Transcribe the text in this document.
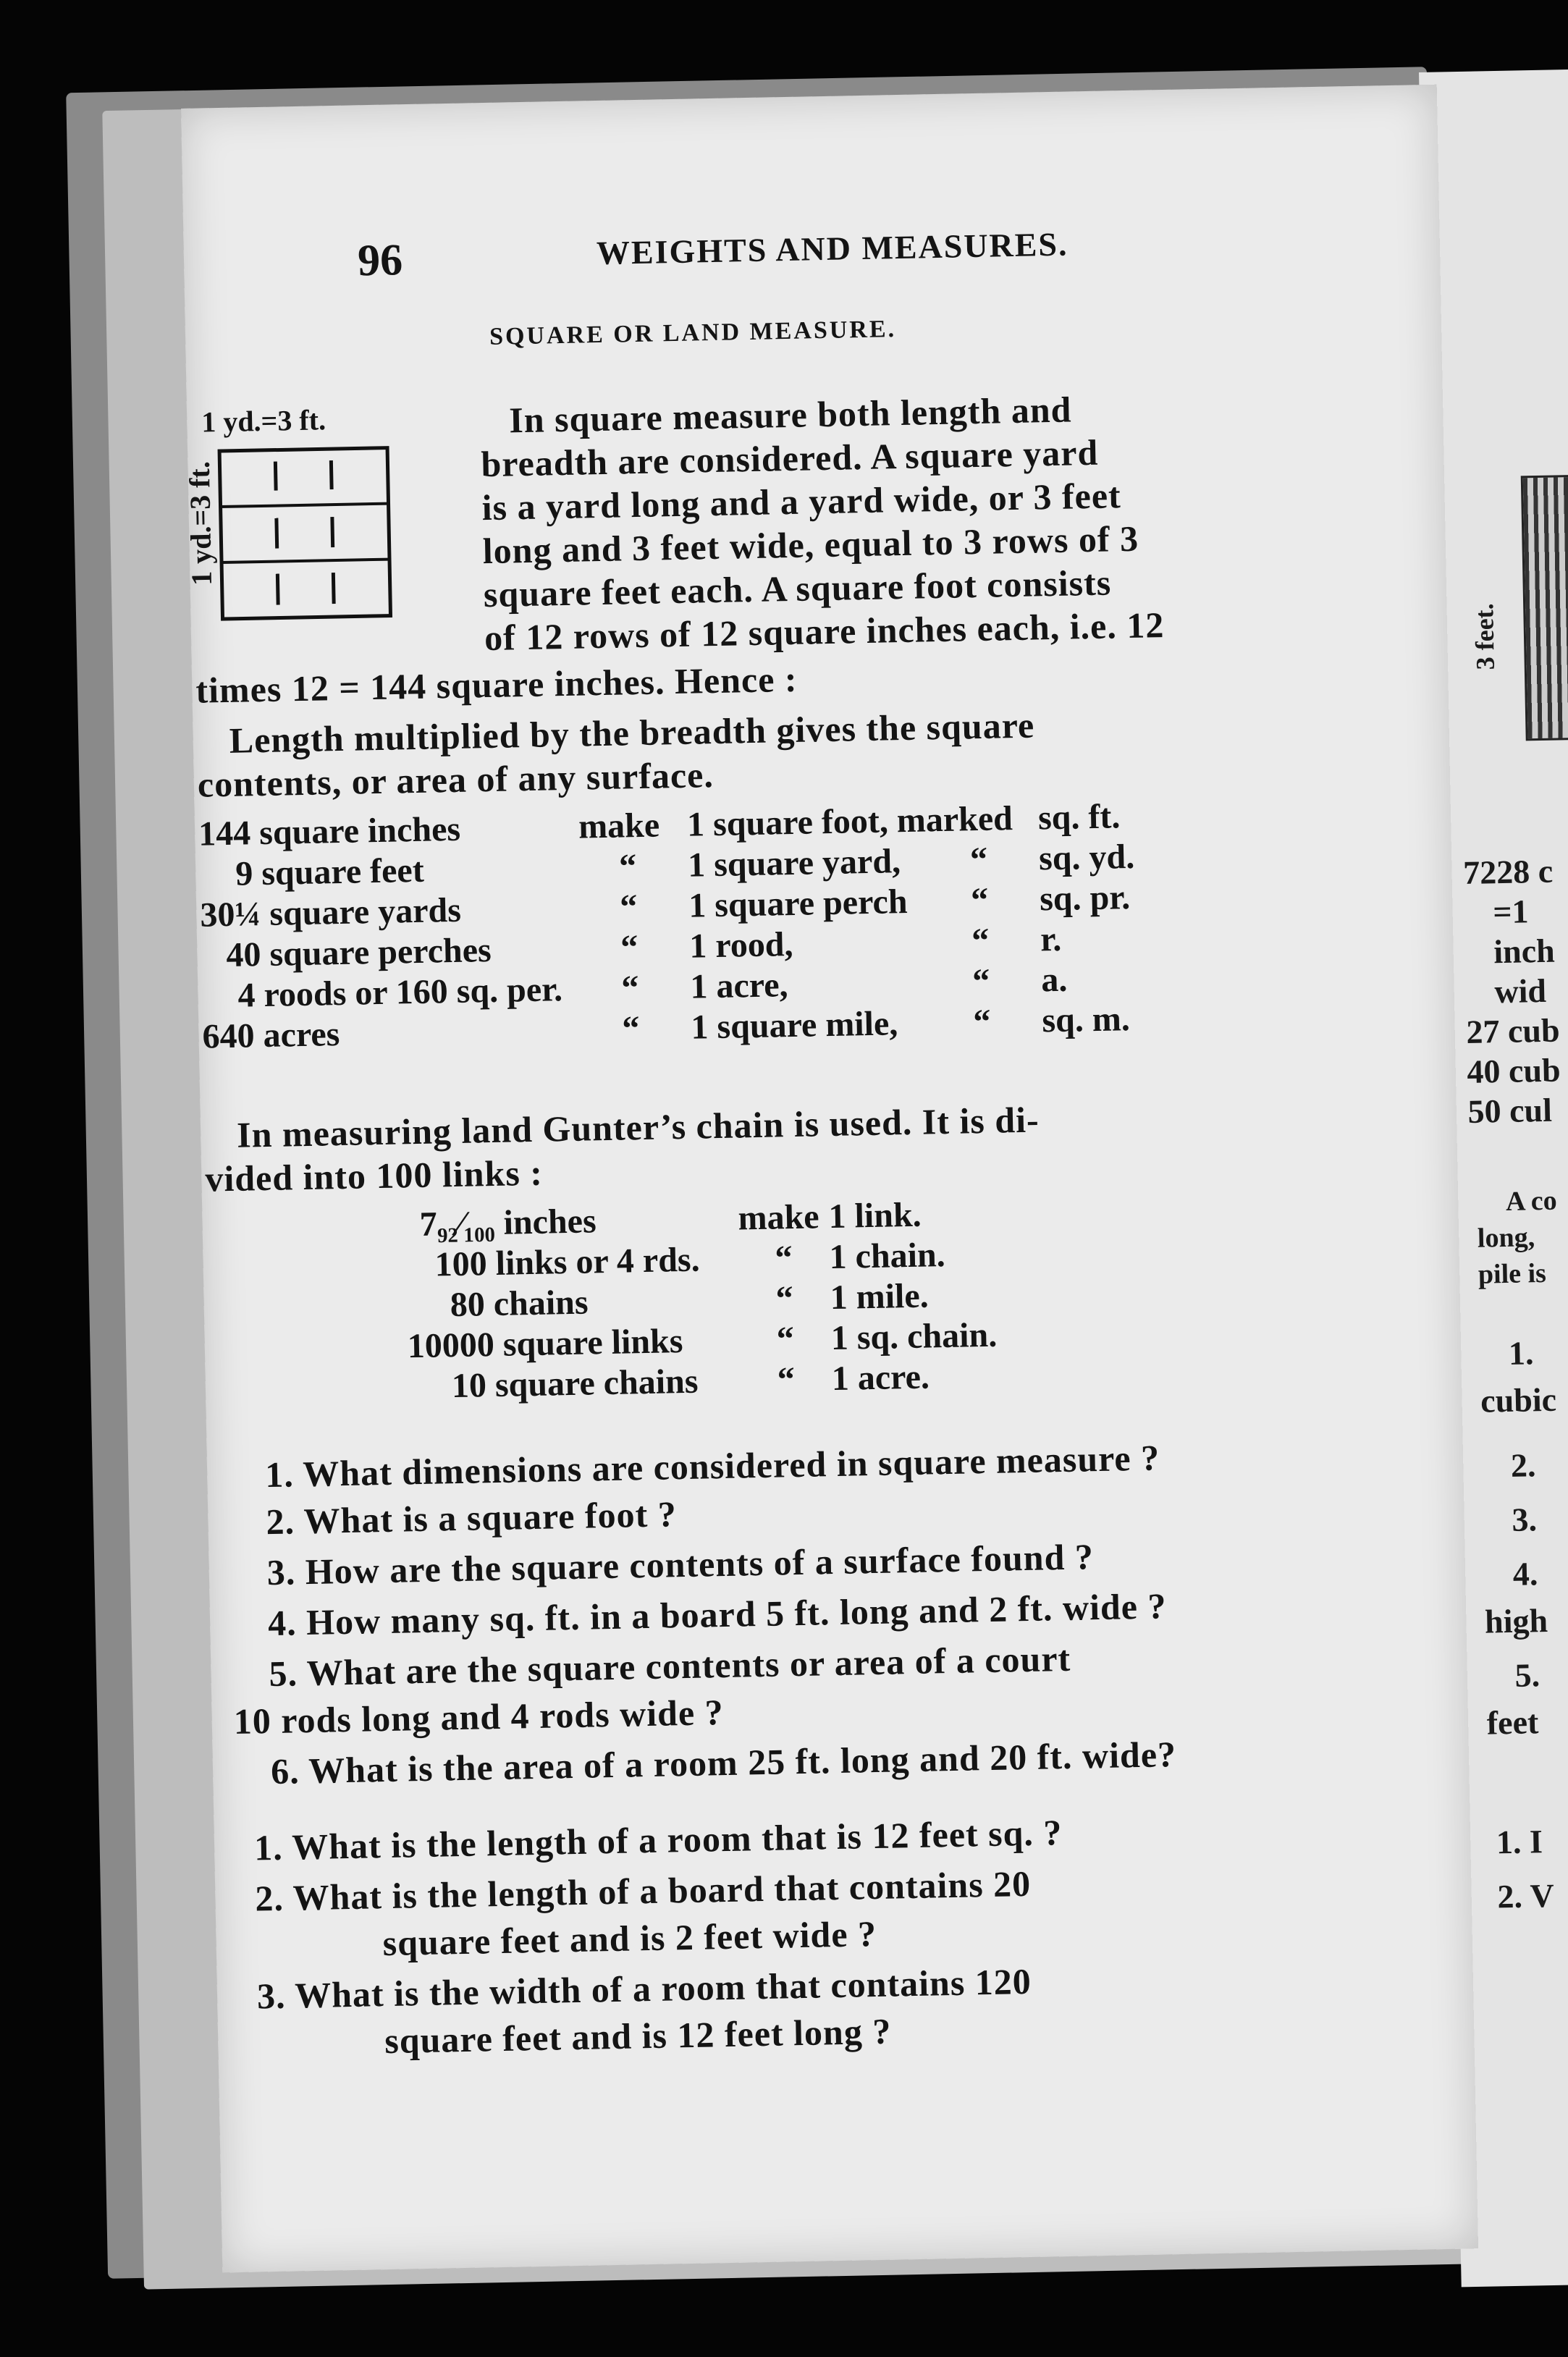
3 feet.
7228 c
=1
inch
wid
27 cub
40 cub
50 cul
A co
long,
pile is
1.
cubic
2.
3.
4.
high
5.
feet
1. I
2. V
96	WEIGHTS AND MEASURES.
SQUARE OR LAND MEASURE.
1 yd.=3 ft.
1 yd.=3 ft.
In square measure both length and
breadth are considered. A square yard
is a yard long and a yard wide, or 3 feet
long and 3 feet wide, equal to 3 rows of 3
square feet each. A square foot consists
of 12 rows of 12 square inches each, i.e. 12
times 12 = 144 square inches. Hence :
Length multiplied by the breadth gives the square
contents, or area of any surface.
144 square inches	make 1 square foot, marked sq. ft.
9 square feet	“ 1 square yard, “ sq. yd.
30¼ square yards	“ 1 square perch “ sq. pr.
40 square perches	“ 1 rood,	“ r.
4 roods or 160 sq. per. “ 1 acre,	“ a.
640 acres	“ 1 square mile, “ sq. m.
In measuring land Gunter’s chain is used. It is di-
vided into 100 links :
7₉₂⁄₁₀₀ inches	make 1 link.
100 links or 4 rds. “ 1 chain.
80 chains	“ 1 mile.
10000 square links	“ 1 sq. chain.
10 square chains “ 1 acre.
1. What dimensions are considered in square measure ?
2. What is a square foot ?
3. How are the square contents of a surface found ?
4. How many sq. ft. in a board 5 ft. long and 2 ft. wide ?
5. What are the square contents or area of a court
10 rods long and 4 rods wide ?
6. What is the area of a room 25 ft. long and 20 ft. wide?
1. What is the length of a room that is 12 feet sq. ?
2. What is the length of a board that contains 20
square feet and is 2 feet wide ?
3. What is the width of a room that contains 120
square feet and is 12 feet long ?
